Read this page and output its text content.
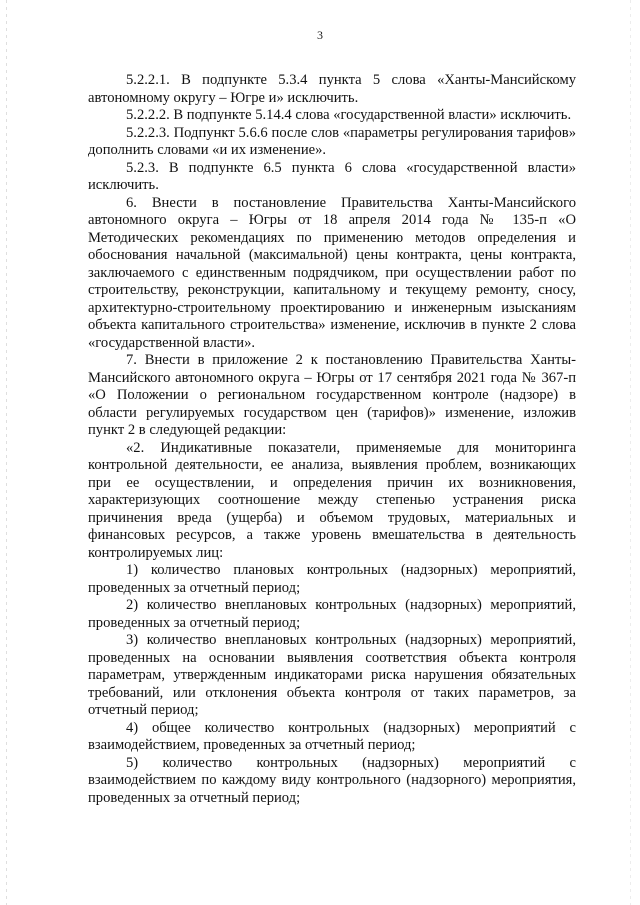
3

5.2.2.1. В подпункте 5.3.4 пункта 5 слова «Ханты-Мансийскому автономному округу – Югре и» исключить.

5.2.2.2. В подпункте 5.14.4 слова «государственной власти» исключить.

5.2.2.3. Подпункт 5.6.6 после слов «параметры регулирования тарифов» дополнить словами «и их изменение».

5.2.3. В подпункте 6.5 пункта 6 слова «государственной власти» исключить.

6. Внести в постановление Правительства Ханты-Мансийского автономного округа – Югры от 18 апреля 2014 года № 135-п «О Методических рекомендациях по применению методов определения и обоснования начальной (максимальной) цены контракта, цены контракта, заключаемого с единственным подрядчиком, при осуществлении работ по строительству, реконструкции, капитальному и текущему ремонту, сносу, архитектурно-строительному проектированию и инженерным изысканиям объекта капитального строительства» изменение, исключив в пункте 2 слова «государственной власти».

7. Внести в приложение 2 к постановлению Правительства Ханты-Мансийского автономного округа – Югры от 17 сентября 2021 года № 367-п «О Положении о региональном государственном контроле (надзоре) в области регулируемых государством цен (тарифов)» изменение, изложив пункт 2 в следующей редакции:

«2. Индикативные показатели, применяемые для мониторинга контрольной деятельности, ее анализа, выявления проблем, возникающих при ее осуществлении, и определения причин их возникновения, характеризующих соотношение между степенью устранения риска причинения вреда (ущерба) и объемом трудовых, материальных и финансовых ресурсов, а также уровень вмешательства в деятельность контролируемых лиц:

1) количество плановых контрольных (надзорных) мероприятий, проведенных за отчетный период;

2) количество внеплановых контрольных (надзорных) мероприятий, проведенных за отчетный период;

3) количество внеплановых контрольных (надзорных) мероприятий, проведенных на основании выявления соответствия объекта контроля параметрам, утвержденным индикаторами риска нарушения обязательных требований, или отклонения объекта контроля от таких параметров, за отчетный период;

4) общее количество контрольных (надзорных) мероприятий с взаимодействием, проведенных за отчетный период;

5) количество контрольных (надзорных) мероприятий с взаимодействием по каждому виду контрольного (надзорного) мероприятия, проведенных за отчетный период;
